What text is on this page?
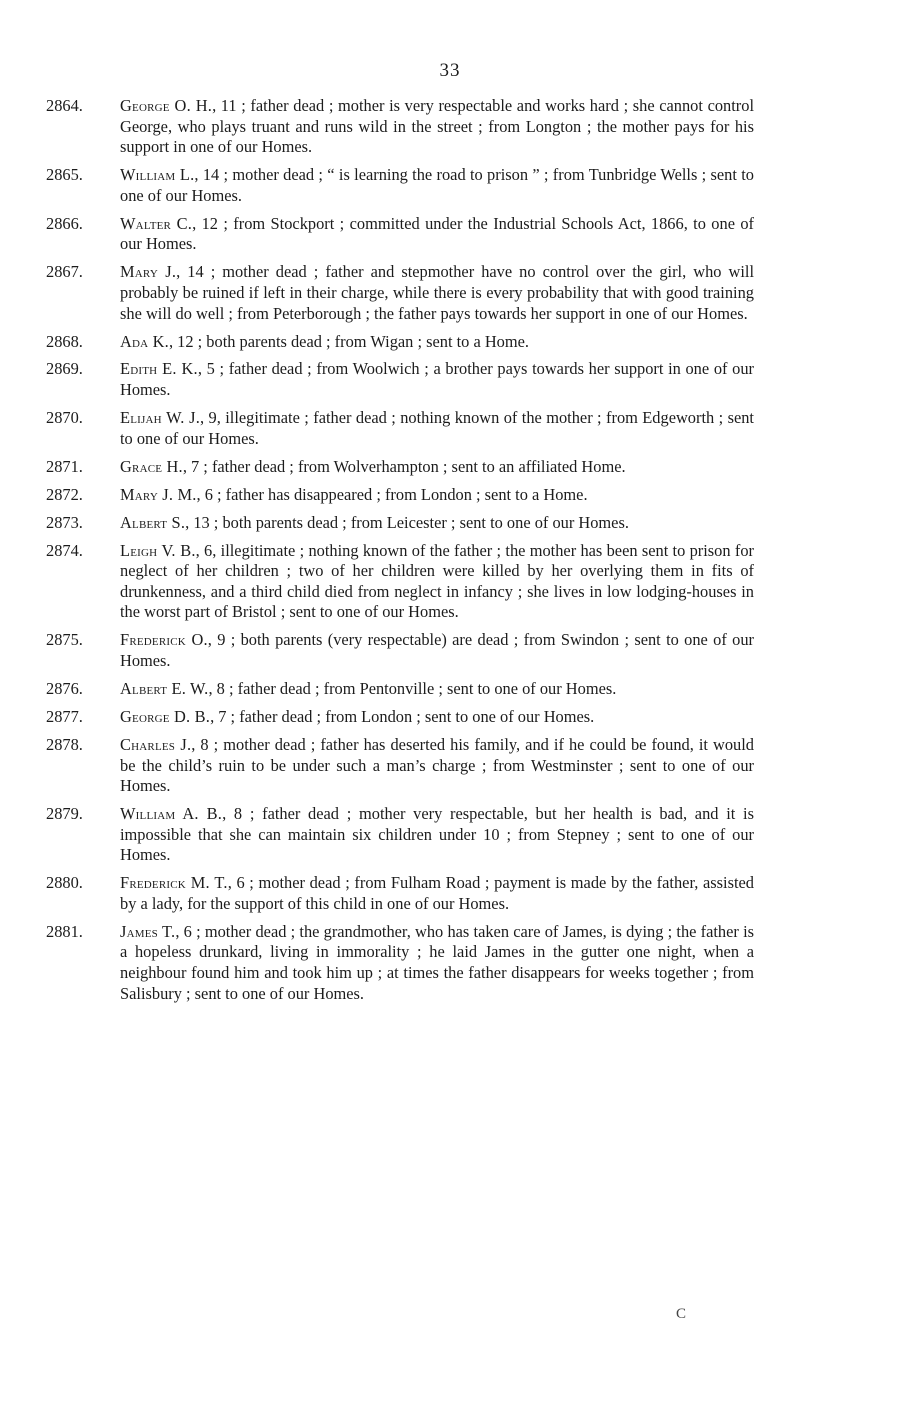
33
2864.	George O. H., 11 ; father dead ; mother is very respectable and works hard ; she cannot control George, who plays truant and runs wild in the street ; from Longton ; the mother pays for his support in one of our Homes.
2865.	William L., 14 ; mother dead ; “ is learning the road to prison ” ; from Tunbridge Wells ; sent to one of our Homes.
2866.	Walter C., 12 ; from Stockport ; committed under the Industrial Schools Act, 1866, to one of our Homes.
2867.	Mary J., 14 ; mother dead ; father and stepmother have no control over the girl, who will probably be ruined if left in their charge, while there is every probability that with good training she will do well ; from Peterborough ; the father pays towards her support in one of our Homes.
2868.	Ada K., 12 ; both parents dead ; from Wigan ; sent to a Home.
2869.	Edith E. K., 5 ; father dead ; from Woolwich ; a brother pays towards her support in one of our Homes.
2870.	Elijah W. J., 9, illegitimate ; father dead ; nothing known of the mother ; from Edgeworth ; sent to one of our Homes.
2871.	Grace H., 7 ; father dead ; from Wolverhampton ; sent to an affiliated Home.
2872.	Mary J. M., 6 ; father has disappeared ; from London ; sent to a Home.
2873.	Albert S., 13 ; both parents dead ; from Leicester ; sent to one of our Homes.
2874.	Leigh V. B., 6, illegitimate ; nothing known of the father ; the mother has been sent to prison for neglect of her children ; two of her children were killed by her overlying them in fits of drunkenness, and a third child died from neglect in infancy ; she lives in low lodging-houses in the worst part of Bristol ; sent to one of our Homes.
2875.	Frederick O., 9 ; both parents (very respectable) are dead ; from Swindon ; sent to one of our Homes.
2876.	Albert E. W., 8 ; father dead ; from Pentonville ; sent to one of our Homes.
2877.	George D. B., 7 ; father dead ; from London ; sent to one of our Homes.
2878.	Charles J., 8 ; mother dead ; father has deserted his family, and if he could be found, it would be the child’s ruin to be under such a man’s charge ; from Westminster ; sent to one of our Homes.
2879.	William A. B., 8 ; father dead ; mother very respectable, but her health is bad, and it is impossible that she can maintain six children under 10 ; from Stepney ; sent to one of our Homes.
2880.	Frederick M. T., 6 ; mother dead ; from Fulham Road ; payment is made by the father, assisted by a lady, for the support of this child in one of our Homes.
2881.	James T., 6 ; mother dead ; the grandmother, who has taken care of James, is dying ; the father is a hopeless drunkard, living in immorality ; he laid James in the gutter one night, when a neighbour found him and took him up ; at times the father disappears for weeks together ; from Salisbury ; sent to one of our Homes.
C
